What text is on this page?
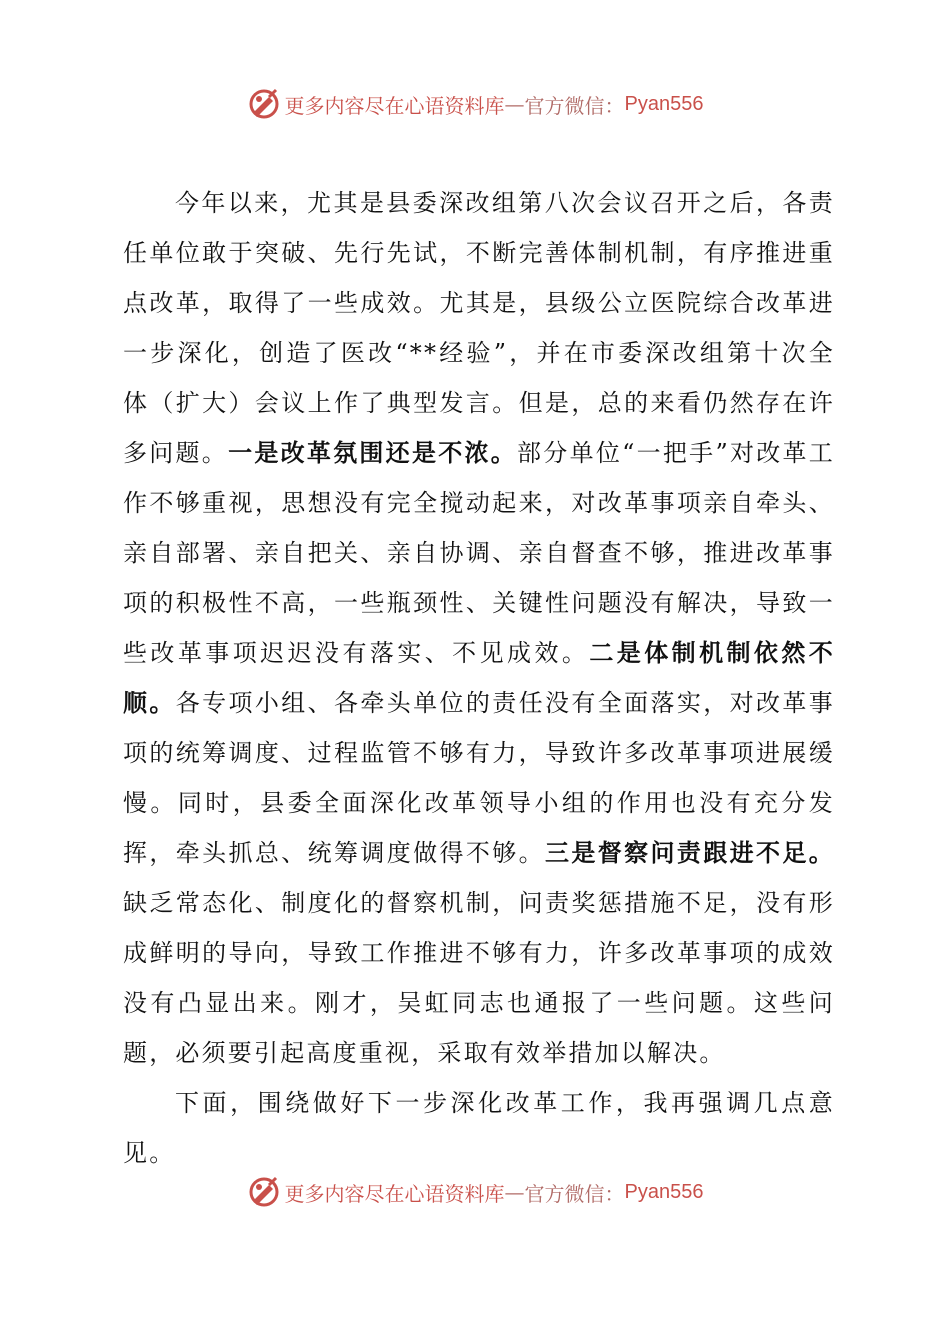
更多内容尽在心语资料库 — 官方微信： Pyan556

今年以来，尤其是县委深改组第八次会议召开之后，各责任单位敢于突破、先行先试，不断完善体制机制，有序推进重点改革，取得了一些成效。尤其是，县级公立医院综合改革进一步深化，创造了医改“**经验”，并在市委深改组第十次全体（扩大）会议上作了典型发言。但是，总的来看仍然存在许多问题。一是改革氛围还是不浓。部分单位“一把手”对改革工作不够重视，思想没有完全搅动起来，对改革事项亲自牵头、亲自部署、亲自把关、亲自协调、亲自督查不够，推进改革事项的积极性不高，一些瓶颈性、关键性问题没有解决，导致一些改革事项迟迟没有落实、不见成效。二是体制机制依然不顺。各专项小组、各牵头单位的责任没有全面落实，对改革事项的统筹调度、过程监管不够有力，导致许多改革事项进展缓慢。同时，县委全面深化改革领导小组的作用也没有充分发挥，牵头抓总、统筹调度做得不够。三是督察问责跟进不足。缺乏常态化、制度化的督察机制，问责奖惩措施不足，没有形成鲜明的导向，导致工作推进不够有力，许多改革事项的成效没有凸显出来。刚才，吴虹同志也通报了一些问题。这些问题，必须要引起高度重视，采取有效举措加以解决。

下面，围绕做好下一步深化改革工作，我再强调几点意见。

更多内容尽在心语资料库 — 官方微信： Pyan556
